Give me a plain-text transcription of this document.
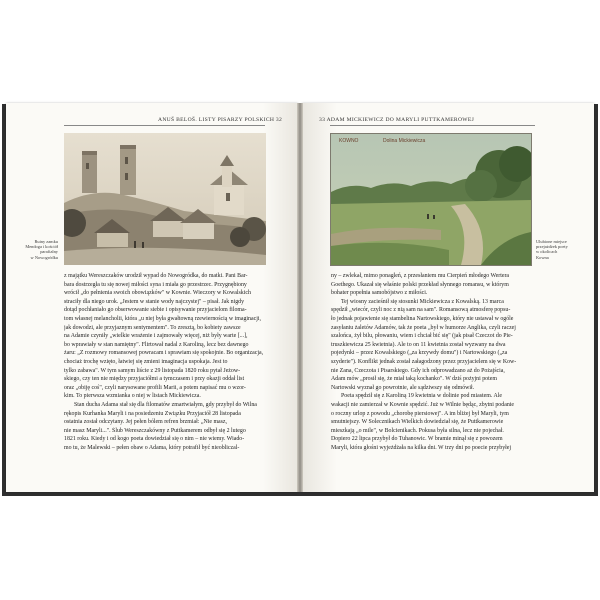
ANUŠ BELOŠ. LISTY PISARZY POLSKICH 32	33 ADAM MICKIEWICZ DO MARYLI PUTTKAMEROWEJ
Ruiny zamku
Mendoga i kościół
parafialny
w Nowogródku
KOWNO	Dolina Mickiewicza
Ulubione miejsce
przejażdżek poety
w okolicach
Kowna
z majątku Wereszczaków urodził wypad do Nowogródka, do matki. Pani Bar-
bara dostrzegła tu się nowej miłości syna i miała go przestrzec. Przygnębiony
wrócił „do pełnienia swoich obowiązków" w Kownie. Wieczory w Kowalskich
straciły dla niego urok. „Jestem w stanie wody najczystej" – pisał. Jak nigdy
dotąd pochłaniało go obserwowanie siebie i opisywanie przyjacielom filoma-
tom własnej melancholii, która „u niej była gwałtowną rzewiernością w imaginacji,
jak dowodzi, ale przyjaznym sentymentem". To zresztą, bo kobiety zawsze
na Adamie czyniły „wielkie wrażenie i zajmowały więcej, niż były warte [...],
bo wprawiały w stan namiętny". Flirtował nadal z Karoliną, lecz bez dawnego
żaru: „Z rozmowy romansowej powracam i sprawiam się spokojnie. Bo organizacja,
chociaż trochę wzięto, łatwiej się zmieni imaginacja uspokaja. Jest to
tylko zabawa". W tym samym liście z 29 listopada 1820 roku pytał Jeżow-
skiego, czy ten nie między przyjaciółmi a tymczasem i przy okazji oddał list
oraz „obiję coś", czyli narysowane profili Marii, a potem napisać mu o wzor-
kim. To pierwsza wzmianka o niej w listach Mickiewicza.
Stan ducha Adama stał się dla filomatów zmartwiałym, gdy przybył do Wilna
rękopis Kurhanka Maryli i na posiedzeniu Związku Przyjaciół 28 listopada
ostatnia został odczytany. Jej pełen bólem refren brzmiał: „Nie masz,
nie masz Maryli...". Ślub Wereszczakówny z Puttkamerem odbył się 2 lutego
1821 roku. Kiedy i od kogo poeta dowiedział się o nim – nie wiemy. Wiado-
mo tu, że Malewski – pełen obaw o Adama, który potrafił być nieobliczal-
ny – zwlekał, mimo ponagleń, z przesłaniem mu Cierpień młodego Wertera
Goethego. Ukazał się właśnie polski przekład słynnego romansu, w którym
bohater popełnia samobójstwo z miłości.
Tej wiosny zacieśnił się stosunki Mickiewicza z Kowalską. 13 marca
spędził „wiecór, czyli noc z nią sam na sam". Romansową atmosferę popsu-
ło jednak pojawienie się stambelina Nartowskiego, który nie ustawał w ogóle
zasyłaniu żaletów Adamów, tak że poeta „był w humorze Anglika, czyli raczej
szalońca, żył bilu, płowaniu, wiem i chciał bić się" (jak pisał Czeczot do Pie-
truszkiewicza 25 kwietnia). Ale to on 11 kwietnia został wyzwany na dwa
pojedynki – przez Kowalskiego („za krzywdy domu") i Nartowskiego („za
szyderie"). Konflikt jednak został załagodzony przez przyjacielem się w Kow-
nie Zana, Czeczota i Pisarskiego. Gdy ich odprowadzano aż do Pożajścia,
Adam mów „prosił się, że miał taką kochanko". W dziś pożyjni potem
Nartowski wyznał go powrotnie, ale sądziwszy się odmówił.
Poeta spędził się z Karoliną 19 kwietnia w dolinie pod miastem. Ale
wakacji nie zamierzał w Kownie spędzić. Już w Wilnie będąc, zbytni podanie
o roczny urlop z powodu „chorobę piersiowej". A im bliżej był Maryli, tym
smutniejszy. W Solecznikach Wielkich dowiedział się, że Puttkamerowie
mieszkają „o mile", w Bolcienikach. Pokusa była silna, lecz nie pojechał.
Dopiero 22 lipca przybył do Tuhanowic. W bramie minął się z powozem
Maryli, która głośni wyjeżdżała na kilka dni. W trzy dni po poecie przybyłej
